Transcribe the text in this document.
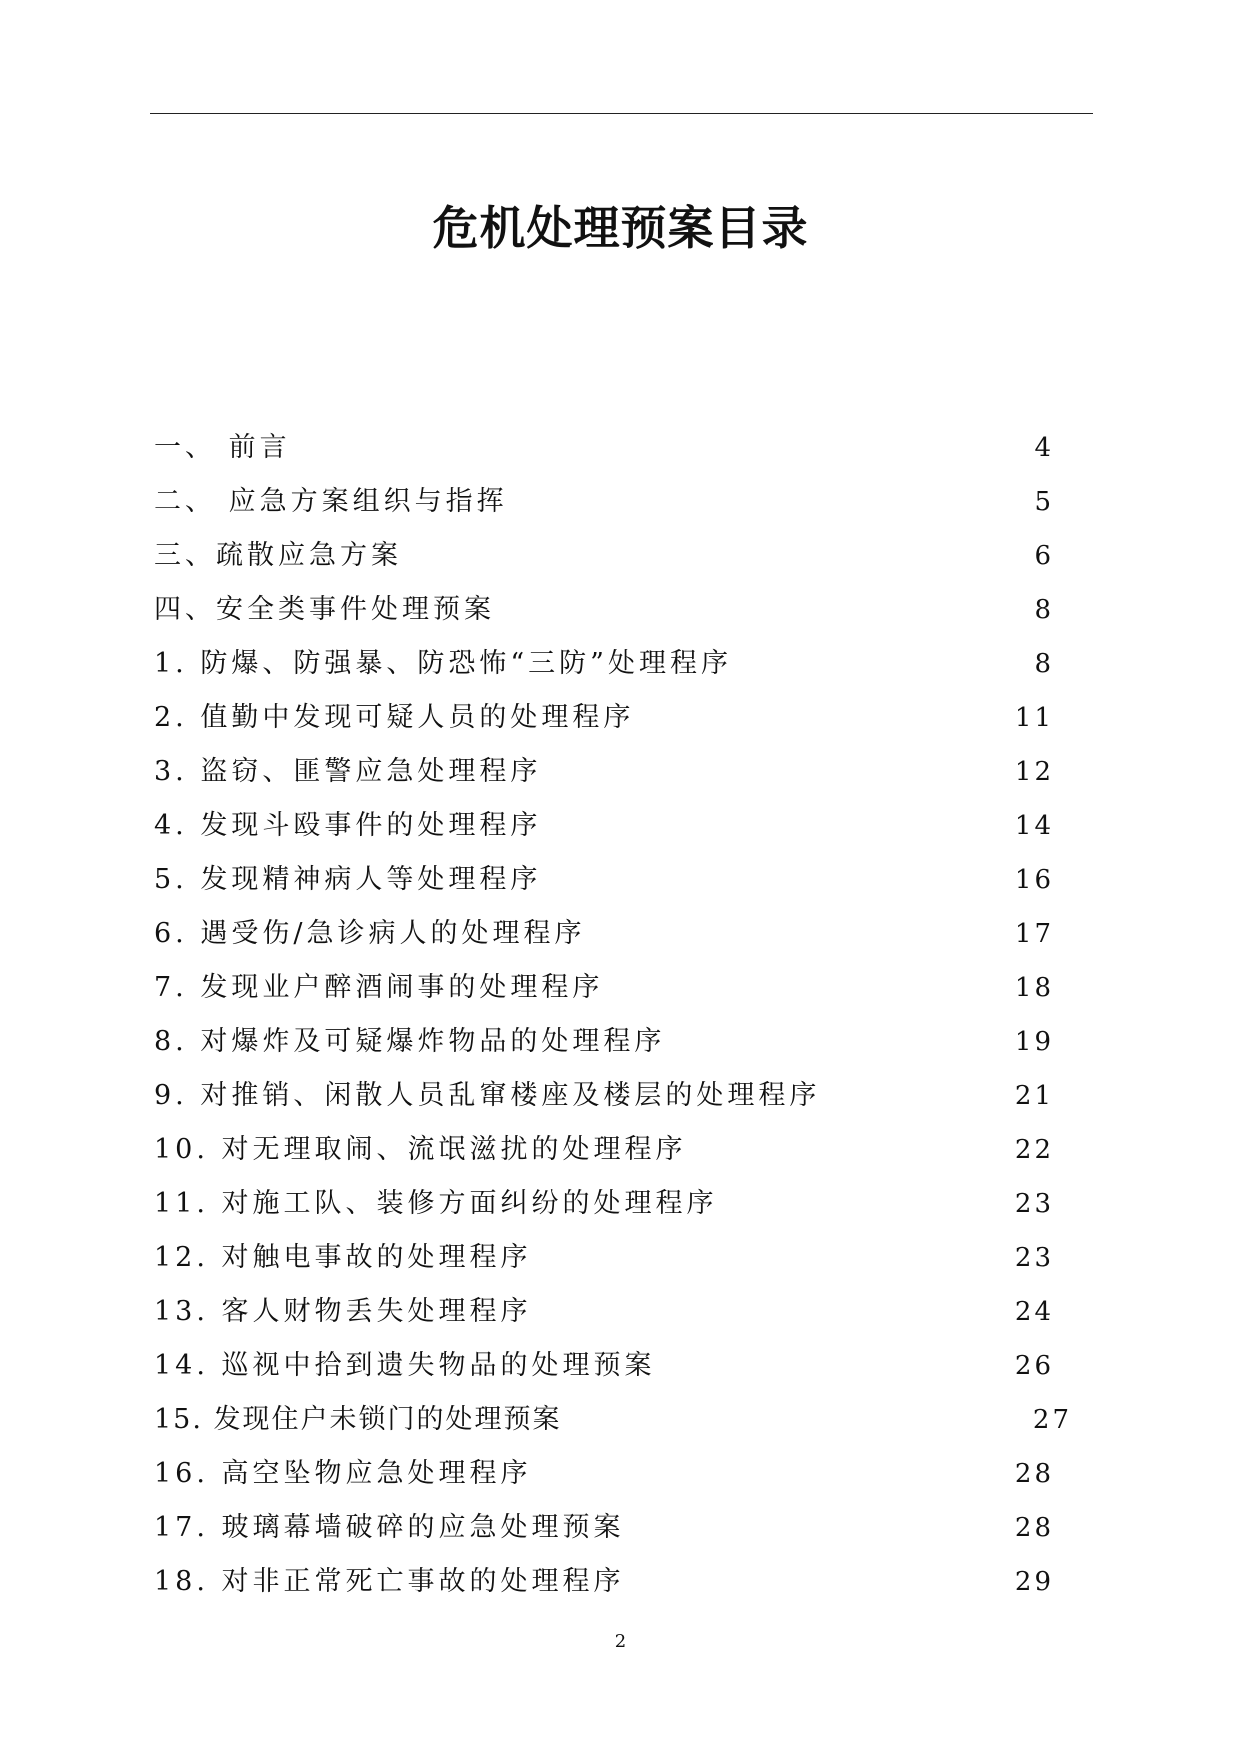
危机处理预案目录
一、 前言	4
二、 应急方案组织与指挥	5
三、疏散应急方案	6
四、安全类事件处理预案	8
1. 防爆、防强暴、防恐怖“三防”处理程序	8
2. 值勤中发现可疑人员的处理程序	11
3. 盗窃、匪警应急处理程序	12
4. 发现斗殴事件的处理程序	14
5. 发现精神病人等处理程序	16
6. 遇受伤/急诊病人的处理程序	17
7. 发现业户醉酒闹事的处理程序	18
8. 对爆炸及可疑爆炸物品的处理程序	19
9. 对推销、闲散人员乱窜楼座及楼层的处理程序	21
10. 对无理取闹、流氓滋扰的处理程序	22
11. 对施工队、装修方面纠纷的处理程序	23
12. 对触电事故的处理程序	23
13. 客人财物丢失处理程序	24
14. 巡视中拾到遗失物品的处理预案	26
15. 发现住户未锁门的处理预案	27
16. 高空坠物应急处理程序	28
17. 玻璃幕墙破碎的应急处理预案	28
18. 对非正常死亡事故的处理程序	29
2
